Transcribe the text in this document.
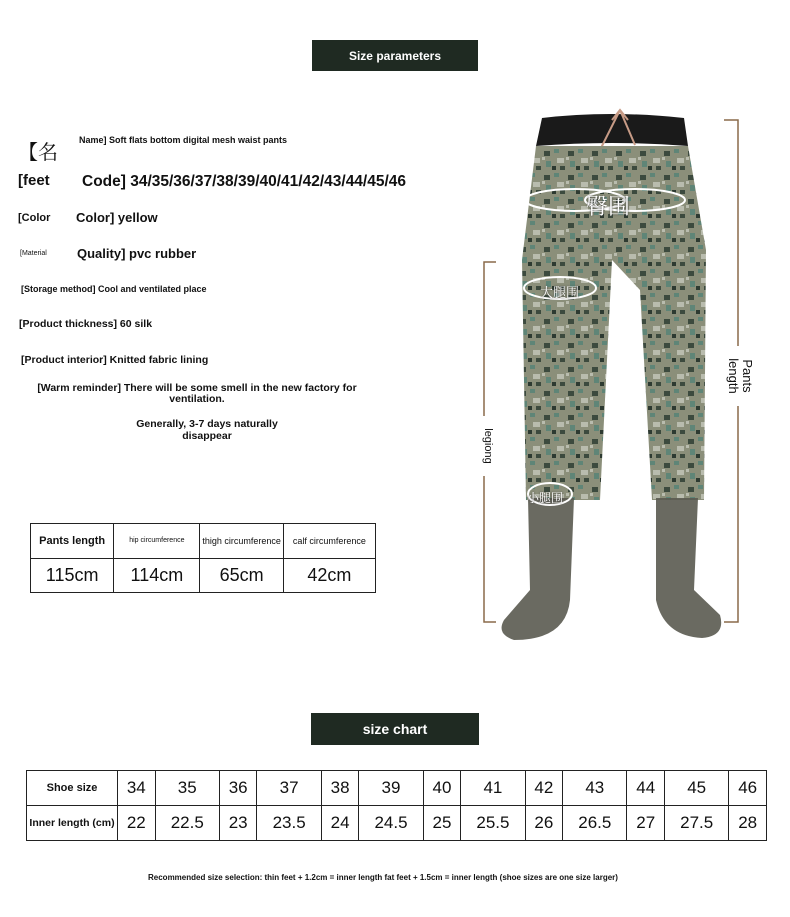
Size parameters
【名
Name] Soft flats bottom digital mesh waist pants
[feet Code] 34/35/36/37/38/39/40/41/42/43/44/45/46
[Color Color] yellow
[Material Quality] pvc rubber
[Storage method] Cool and ventilated place
[Product thickness] 60 silk
[Product interior] Knitted fabric lining
[Warm reminder] There will be some smell in the new factory for ventilation.
Generally, 3-7 days naturally disappear
Pants length	hip circumference	thigh circumference	calf circumference
115cm	114cm	65cm	42cm
臀围
大腿围
小腿围
legiong
Pants length
size chart
Shoe size	34	35	36	37	38	39	40	41	42	43	44	45	46
Inner length (cm)	22	22.5	23	23.5	24	24.5	25	25.5	26	26.5	27	27.5	28
Recommended size selection: thin feet + 1.2cm = inner length fat feet + 1.5cm = inner length (shoe sizes are one size larger)
